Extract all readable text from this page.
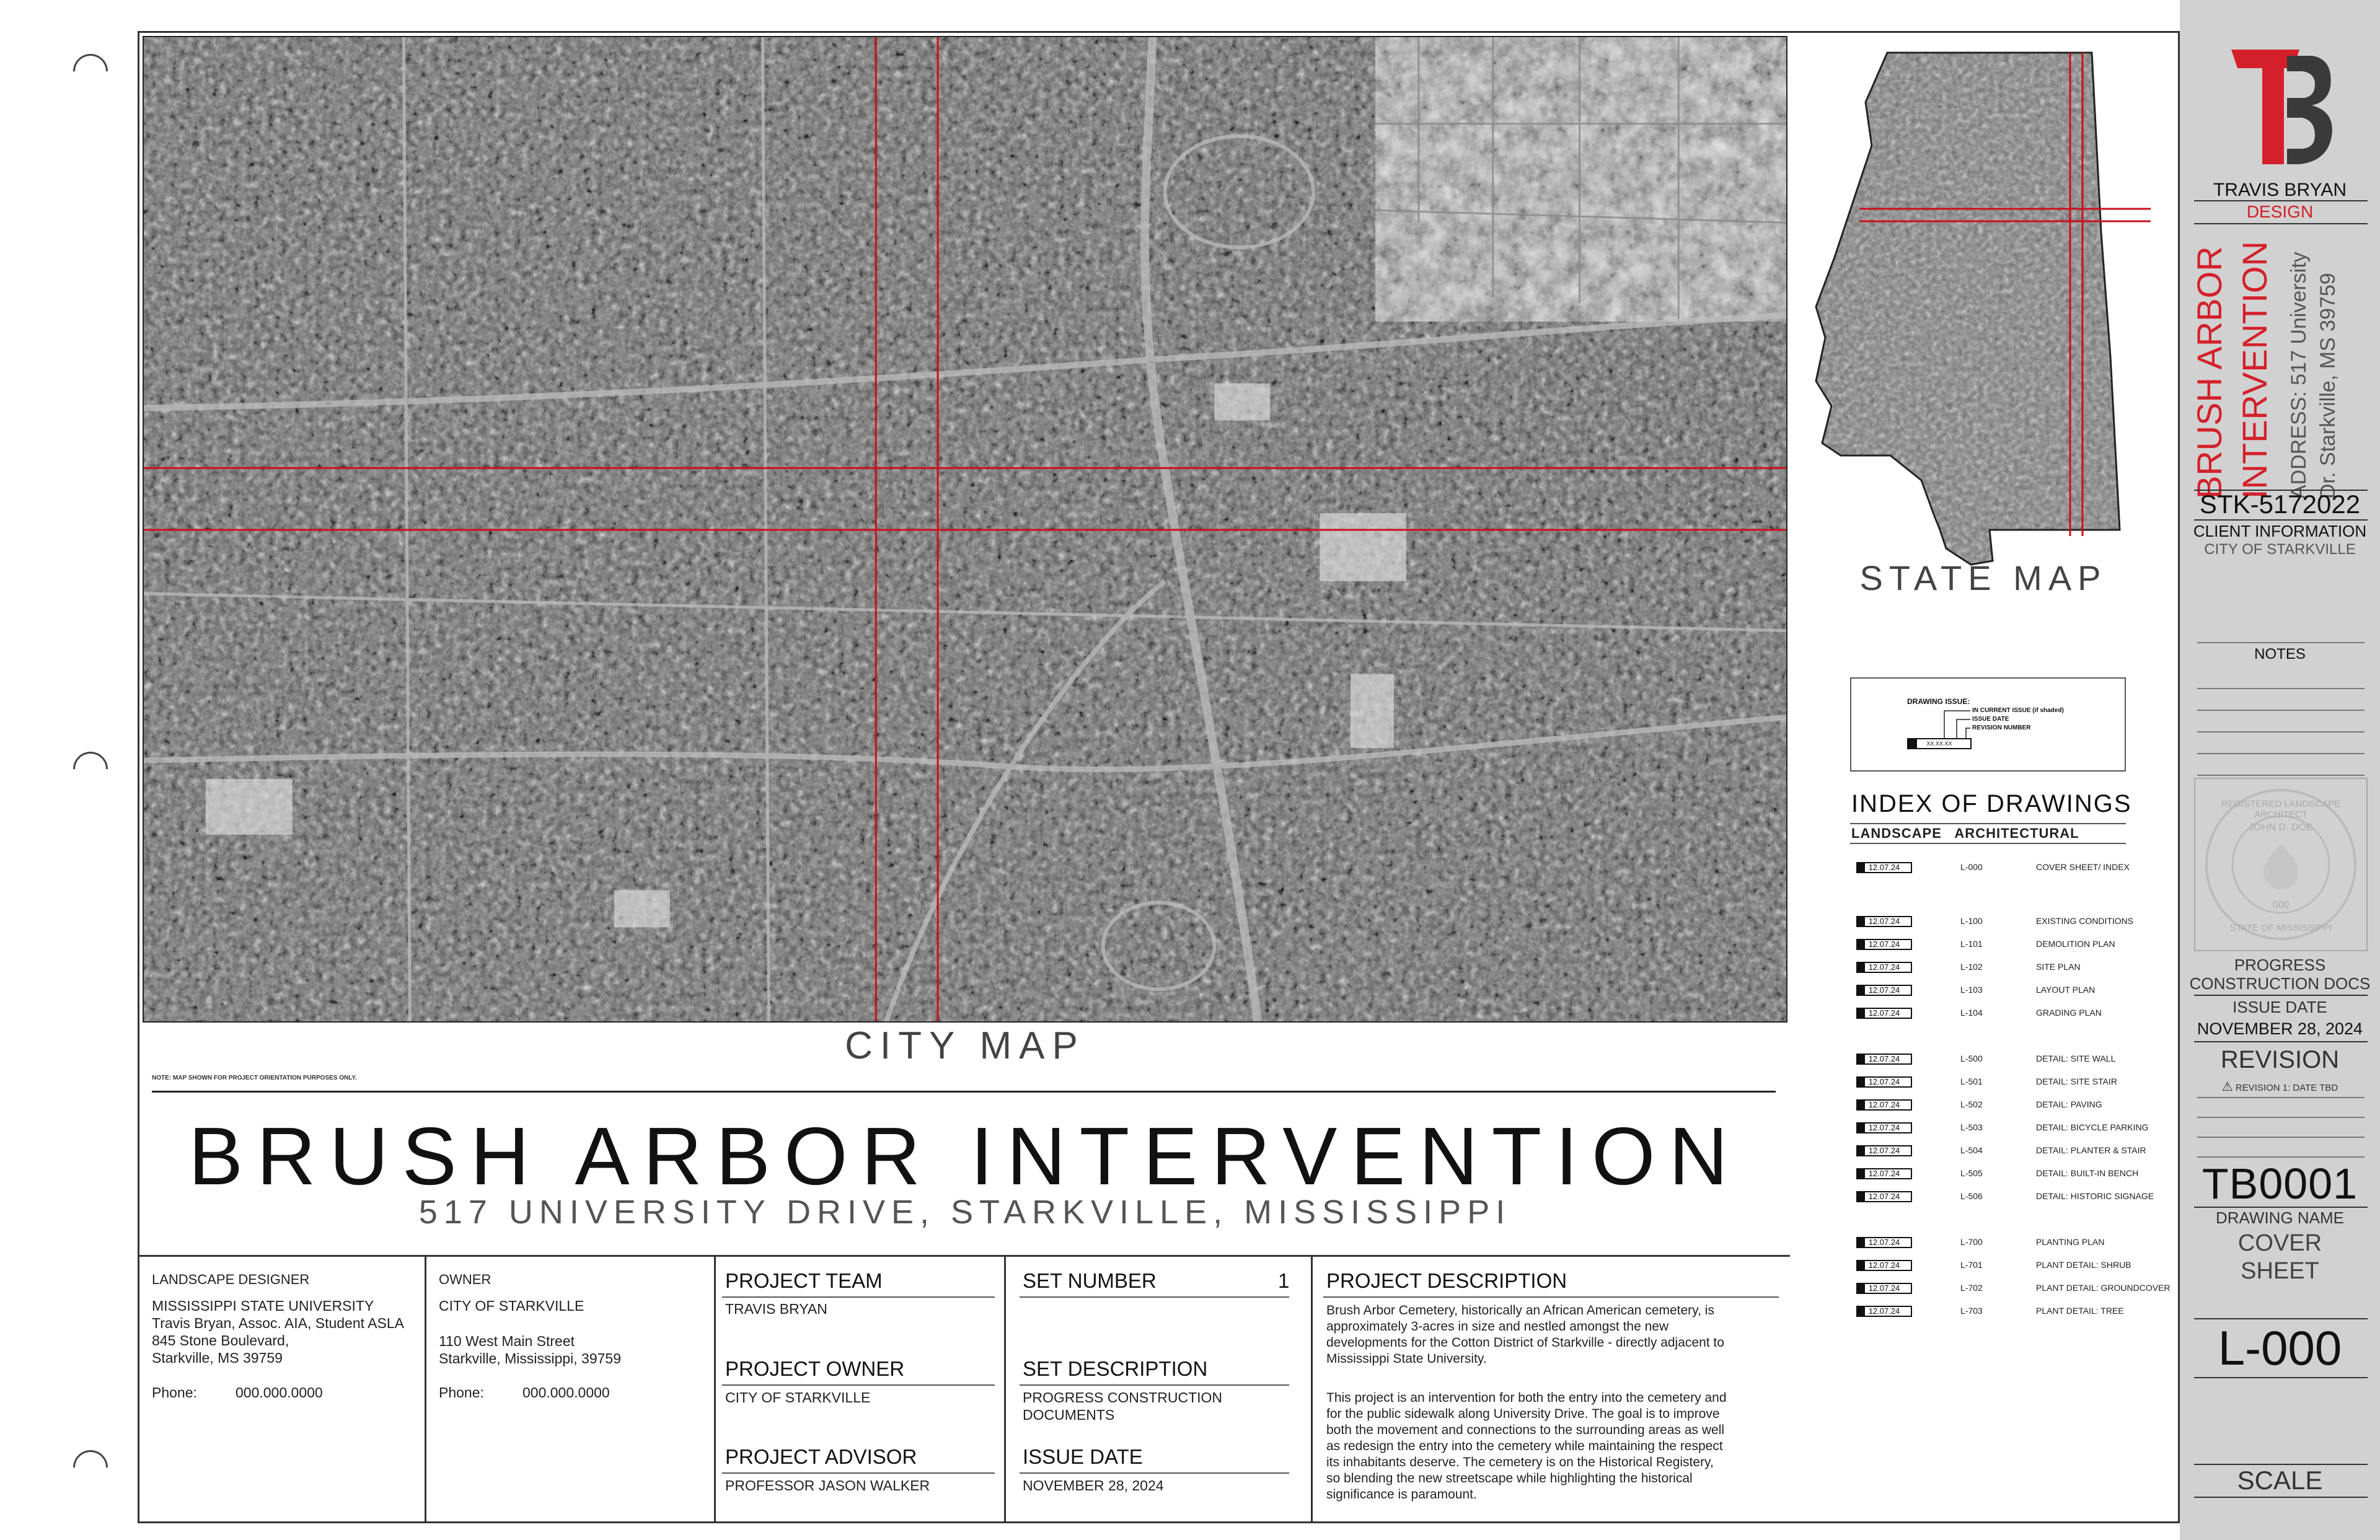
CITY MAP
NOTE: MAP SHOWN FOR PROJECT ORIENTATION PURPOSES ONLY.
BRUSH ARBOR INTERVENTION
517 UNIVERSITY DRIVE, STARKVILLE, MISSISSIPPI
LANDSCAPE DESIGNER
MISSISSIPPI STATE UNIVERSITY
Travis Bryan, Assoc. AIA, Student ASLA
845 Stone Boulevard,
Starkville, MS 39759
Phone:	000.000.0000
OWNER
CITY OF STARKVILLE
110 West Main Street
Starkville, Mississippi, 39759
Phone:	000.000.0000
PROJECT TEAM
TRAVIS BRYAN
PROJECT OWNER
CITY OF STARKVILLE
PROJECT ADVISOR
PROFESSOR JASON WALKER
SET NUMBER	1
SET DESCRIPTION
PROGRESS CONSTRUCTION
DOCUMENTS
ISSUE DATE
NOVEMBER 28, 2024
PROJECT DESCRIPTION
Brush Arbor Cemetery, historically an African American cemetery, is
approximately 3-acres in size and nestled amongst the new
developments for the Cotton District of Starkville - directly adjacent to
Mississippi State University.
This project is an intervention for both the entry into the cemetery and
for the public sidewalk along University Drive. The goal is to improve
both the movement and connections to the surrounding areas as well
as redesign the entry into the cemetery while maintaining the respect
its inhabitants deserve. The cemetery is on the Historical Registery,
so blending the new streetscape while highlighting the historical
significance is paramount.
STATE MAP
DRAWING ISSUE:
IN CURRENT ISSUE (if shaded)
ISSUE DATE
REVISION NUMBER
XX.XX.XX
INDEX OF DRAWINGS
LANDSCAPE   ARCHITECTURAL
12.07.24	L-000	COVER SHEET/ INDEX
12.07.24	L-100	EXISTING CONDITIONS
12.07.24	L-101	DEMOLITION PLAN
12.07.24	L-102	SITE PLAN
12.07.24	L-103	LAYOUT PLAN
12.07.24	L-104	GRADING PLAN
12.07.24	L-500	DETAIL: SITE WALL
12.07.24	L-501	DETAIL: SITE STAIR
12.07.24	L-502	DETAIL: PAVING
12.07.24	L-503	DETAIL: BICYCLE PARKING
12.07.24	L-504	DETAIL: PLANTER & STAIR
12.07.24	L-505	DETAIL: BUILT-IN BENCH
12.07.24	L-506	DETAIL: HISTORIC SIGNAGE
12.07.24	L-700	PLANTING PLAN
12.07.24	L-701	PLANT DETAIL: SHRUB
12.07.24	L-702	PLANT DETAIL: GROUNDCOVER
12.07.24	L-703	PLANT DETAIL: TREE
TRAVIS BRYAN
DESIGN
BRUSH ARBOR INTERVENTION ADDRESS: 517 University Dr. Starkville, MS 39759
STK-5172022
CLIENT INFORMATION
CITY OF STARKVILLE
NOTES
REGISTERED LANDSCAPE ARCHITECT
JOHN D. DOE
000
STATE OF MISSISSIPPI
PROGRESS
CONSTRUCTION DOCS
ISSUE DATE
NOVEMBER 28, 2024
REVISION
⚠ REVISION 1: DATE TBD
TB0001
DRAWING NAME
COVER
SHEET
L-000
SCALE
